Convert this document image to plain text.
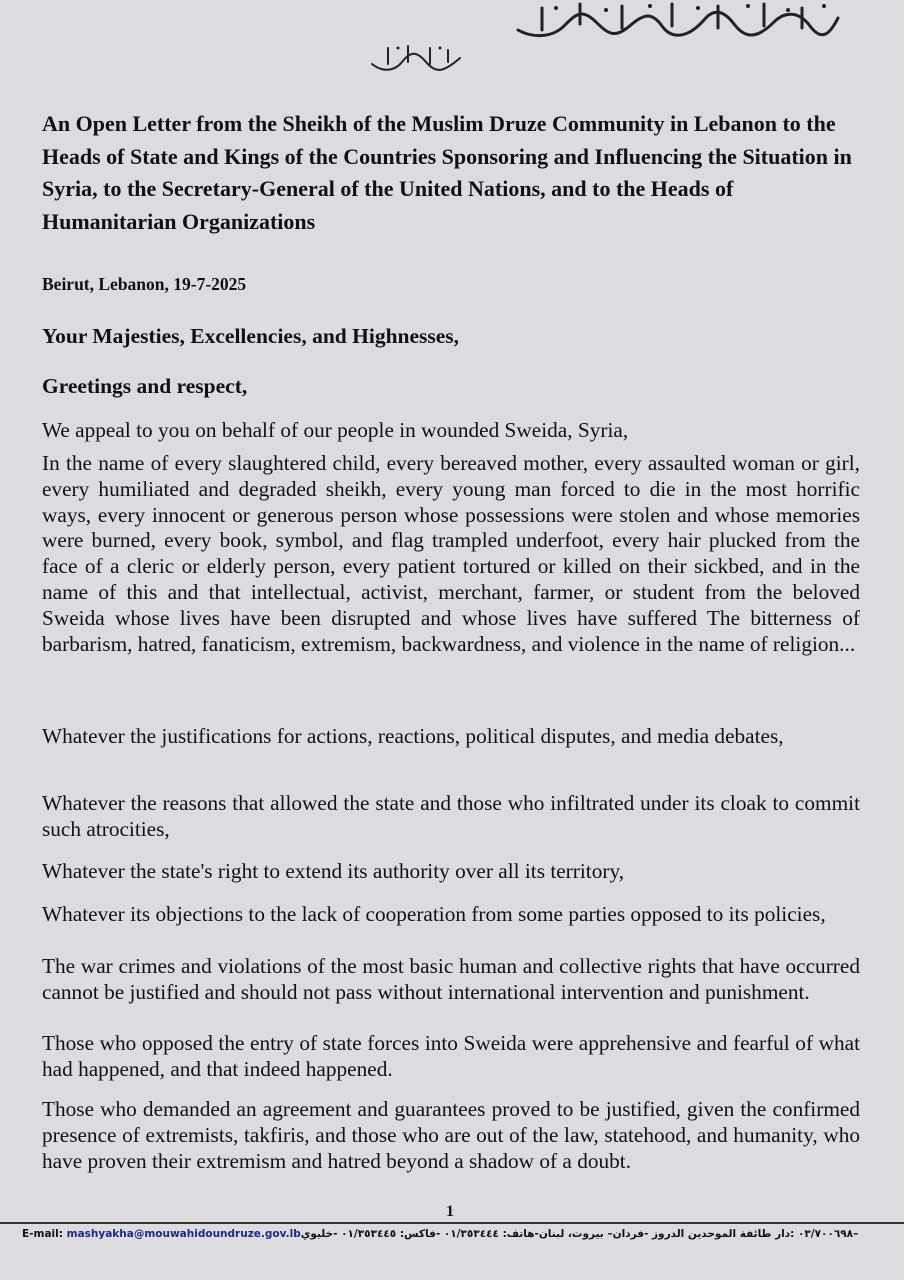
An Open Letter from the Sheikh of the Muslim Druze Community in Lebanon to the Heads of State and Kings of the Countries Sponsoring and Influencing the Situation in Syria, to the Secretary-General of the United Nations, and to the Heads of Humanitarian Organizations
Beirut, Lebanon, 19-7-2025
Your Majesties, Excellencies, and Highnesses,
Greetings and respect,

We appeal to you on behalf of our people in wounded Sweida, Syria,

In the name of every slaughtered child, every bereaved mother, every assaulted woman or girl, every humiliated and degraded sheikh, every young man forced to die in the most horrific ways, every innocent or generous person whose possessions were stolen and whose memories were burned, every book, symbol, and flag trampled underfoot, every hair plucked from the face of a cleric or elderly person, every patient tortured or killed on their sickbed, and in the name of this and that intellectual, activist, merchant, farmer, or student from the beloved Sweida whose lives have been disrupted and whose lives have suffered The bitterness of barbarism, hatred, fanaticism, extremism, backwardness, and violence in the name of religion...

Whatever the justifications for actions, reactions, political disputes, and media debates,

Whatever the reasons that allowed the state and those who infiltrated under its cloak to commit such atrocities,

Whatever the state's right to extend its authority over all its territory,

Whatever its objections to the lack of cooperation from some parties opposed to its policies,

The war crimes and violations of the most basic human and collective rights that have occurred cannot be justified and should not pass without international intervention and punishment.

Those who opposed the entry of state forces into Sweida were apprehensive and fearful of what had happened, and that indeed happened.

Those who demanded an agreement and guarantees proved to be justified, given the confirmed presence of extremists, takfiris, and those who are out of the law, statehood, and humanity, who have proven their extremism and hatred beyond a shadow of a doubt.

1
E-mail: mashyakha@mouwahidoundruze.gov.lb–٠٣/٧٠٠٦٩٨ :دار طائفة الموحدين الدروز -فردان– بيروت، لبنان-هاتف: ٠١/٣٥٣٤٤٤ -فاكس: ٠١/٣٥٣٤٤٥ -خليوي
